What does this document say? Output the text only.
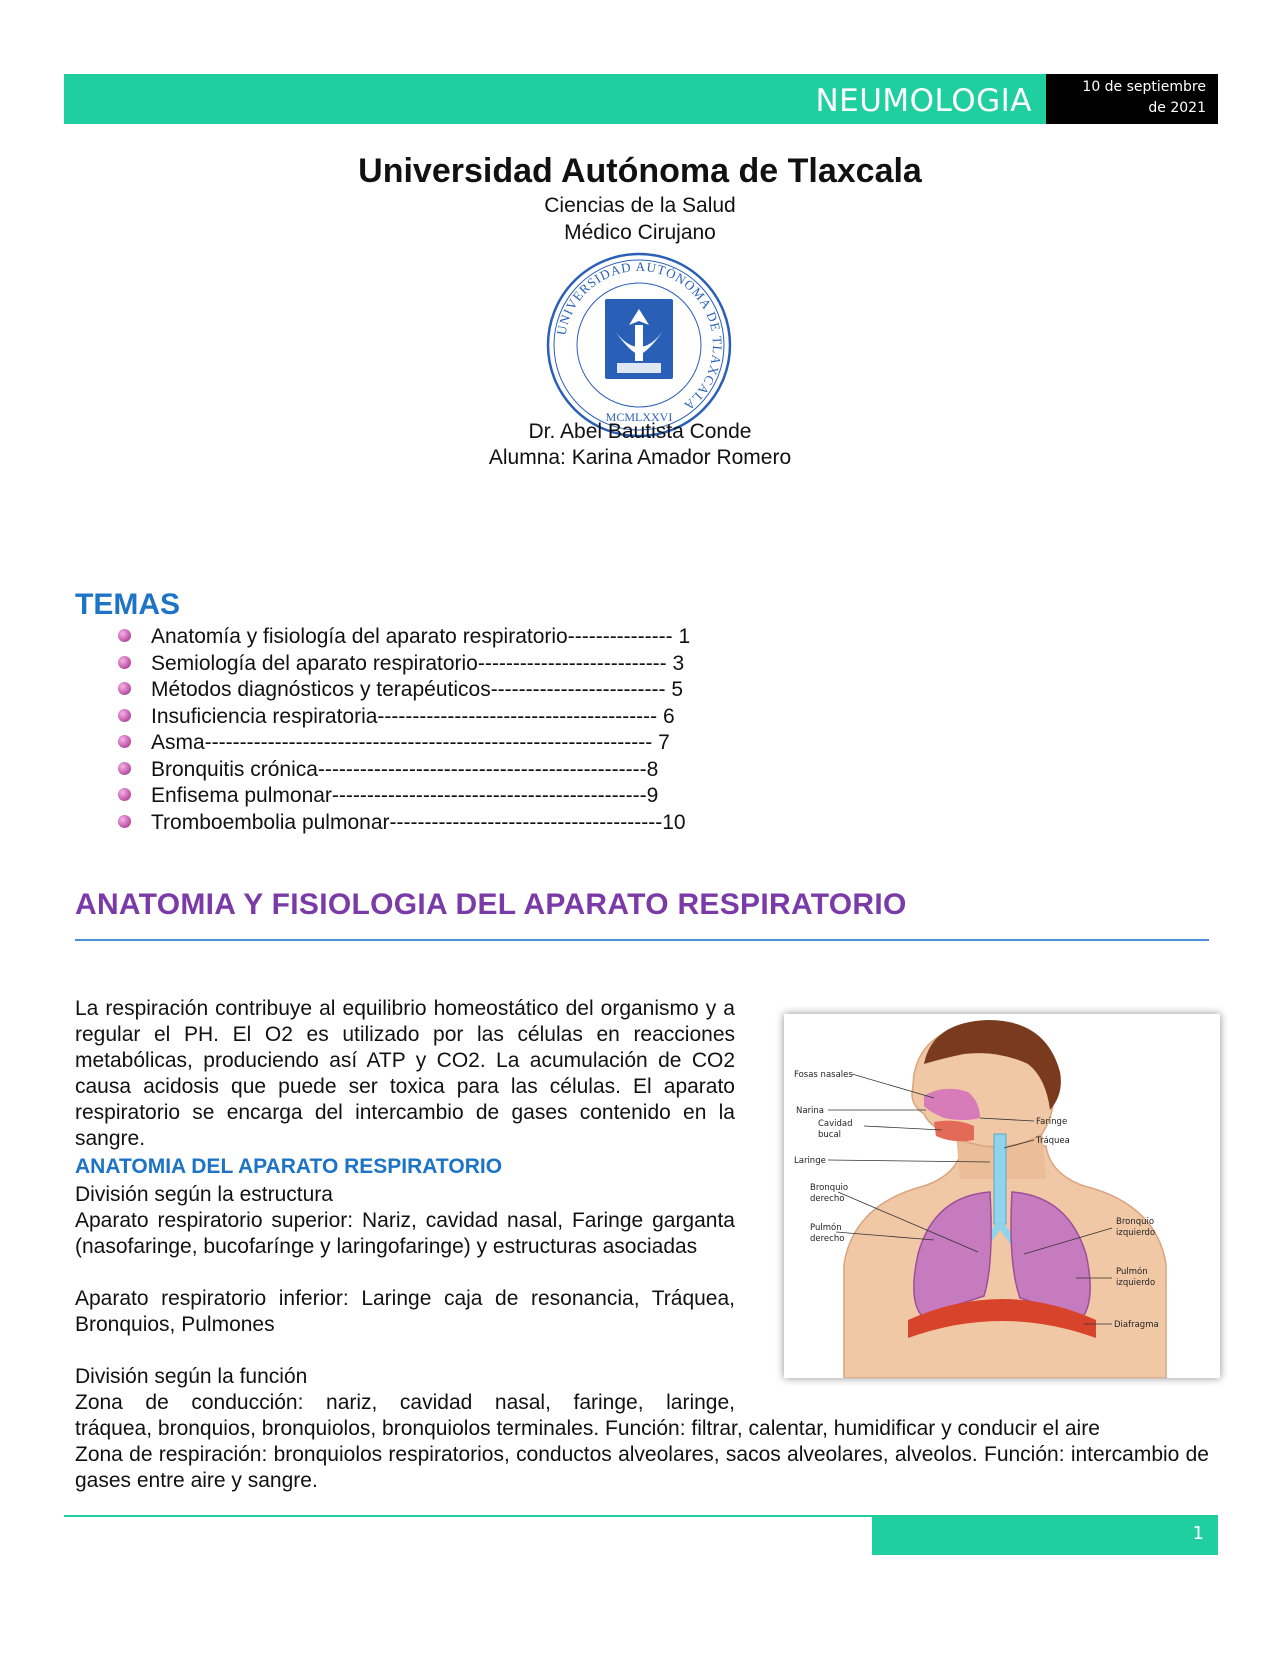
NEUMOLOGIA	10 de septiembre
de 2021
Universidad Autónoma de Tlaxcala
Ciencias de la Salud
Médico Cirujano
UNIVERSIDAD AUTÓNOMA DE TLAXCALA
MCMLXXVI
Dr. Abel Bautista Conde
Alumna: Karina Amador Romero
TEMAS
Anatomía y fisiología del aparato respiratorio--------------- 1
Semiología del aparato respiratorio--------------------------- 3
Métodos diagnósticos y terapéuticos------------------------- 5
Insuficiencia respiratoria---------------------------------------- 6
Asma---------------------------------------------------------------- 7
Bronquitis crónica-----------------------------------------------8
Enfisema pulmonar---------------------------------------------9
Tromboembolia pulmonar---------------------------------------10
ANATOMIA Y FISIOLOGIA DEL APARATO RESPIRATORIO
La respiración contribuye al equilibrio homeostático del organismo y a regular el PH. El O2 es utilizado por las células en reacciones metabólicas, produciendo así ATP y CO2. La acumulación de CO2 causa acidosis que puede ser toxica para las células. El aparato respiratorio se encarga del intercambio de gases contenido en la sangre.
ANATOMIA DEL APARATO RESPIRATORIO
División según la estructura
Aparato respiratorio superior: Nariz, cavidad nasal, Faringe garganta (nasofaringe, bucofarínge y laringofaringe) y estructuras asociadas
Aparato respiratorio inferior: Laringe caja de resonancia, Tráquea, Bronquios, Pulmones
División según la función
Zona de conducción: nariz, cavidad nasal, faringe, laringe,
tráquea, bronquios, bronquiolos, bronquiolos terminales. Función: filtrar, calentar, humidificar y conducir el aire
Zona de respiración: bronquiolos respiratorios, conductos alveolares, sacos alveolares, alveolos. Función: intercambio de gases entre aire y sangre.
Fosas nasales
Narina
Cavidad
bucal
Laringe
Bronquio
derecho
Pulmón
derecho
Faringe
Tráquea
Bronquio
izquierdo
Pulmón
izquierdo
Diafragma
1
